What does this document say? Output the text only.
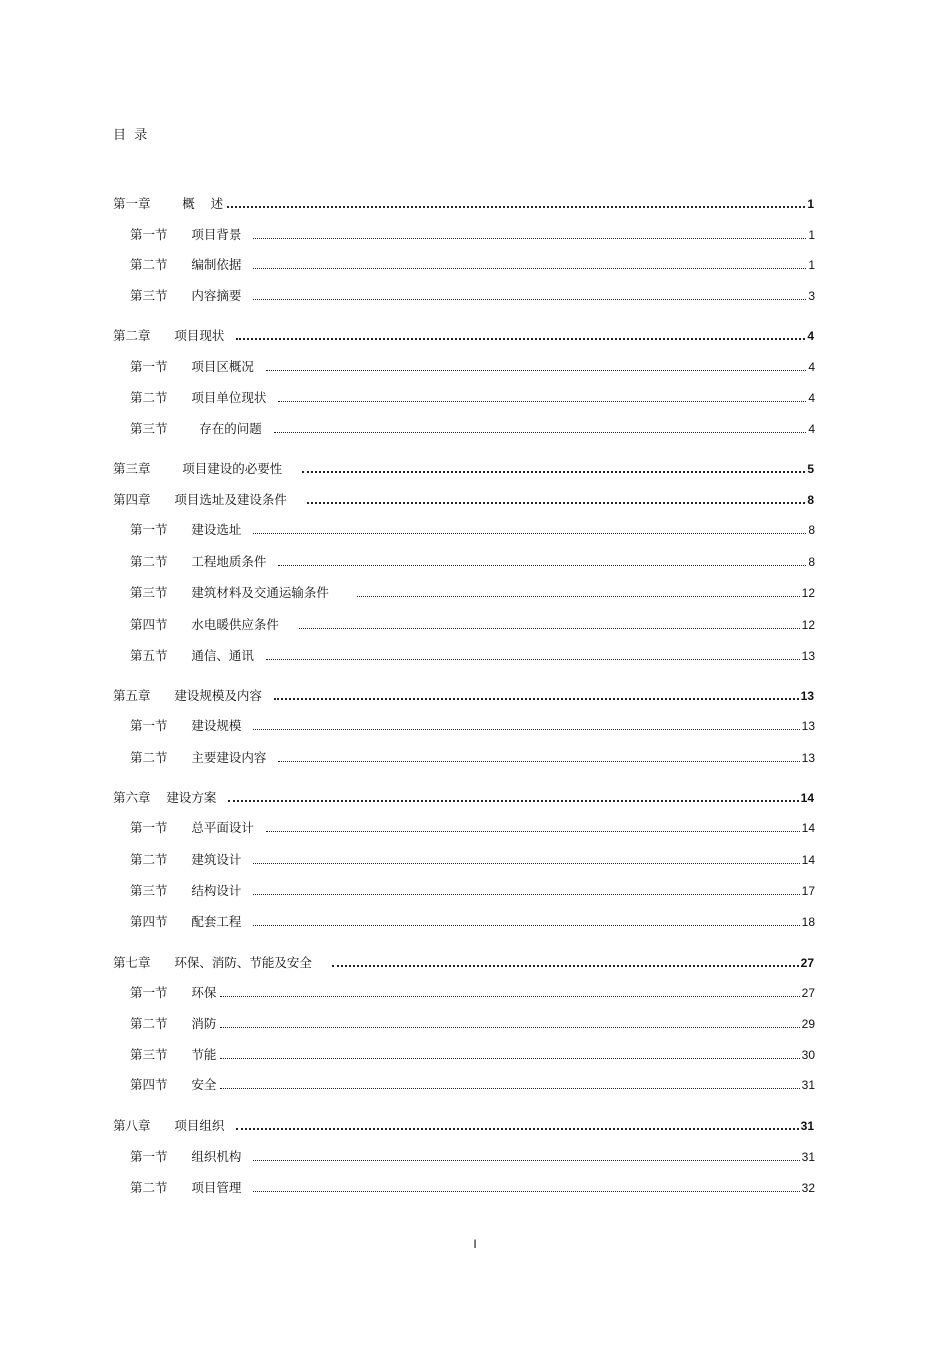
目  录
第一章        概    述	1
第一节      项目背景	1
第二节      编制依据	1
第三节      内容摘要	3
第二章      项目现状	4
第一节      项目区概况	4
第二节      项目单位现状	4
第三节        存在的问题	4
第三章        项目建设的必要性	5
第四章      项目选址及建设条件	8
第一节      建设选址	8
第二节      工程地质条件	8
第三节      建筑材料及交通运输条件	12
第四节      水电暖供应条件	12
第五节      通信、通讯	13
第五章      建设规模及内容	13
第一节      建设规模	13
第二节      主要建设内容	13
第六章    建设方案	14
第一节      总平面设计	14
第二节      建筑设计	14
第三节      结构设计	17
第四节      配套工程	18
第七章      环保、消防、节能及安全	27
第一节      环保	27
第二节      消防	29
第三节      节能	30
第四节      安全	31
第八章      项目组织	31
第一节      组织机构	31
第二节      项目管理	32
I
